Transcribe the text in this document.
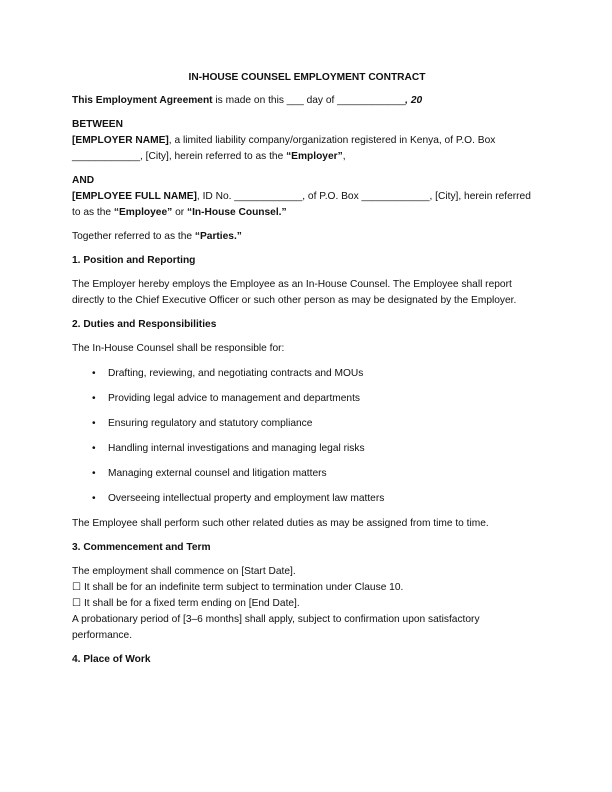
IN-HOUSE COUNSEL EMPLOYMENT CONTRACT

This Employment Agreement is made on this ___ day of ____________, 20

BETWEEN

[EMPLOYER NAME], a limited liability company/organization registered in Kenya, of P.O. Box ____________, [City], herein referred to as the “Employer”,

AND

[EMPLOYEE FULL NAME], ID No. ____________, of P.O. Box ____________, [City], herein referred to as the “Employee” or “In-House Counsel.”

Together referred to as the “Parties.”

1. Position and Reporting

The Employer hereby employs the Employee as an In-House Counsel. The Employee shall report directly to the Chief Executive Officer or such other person as may be designated by the Employer.

2. Duties and Responsibilities

The In-House Counsel shall be responsible for:

• Drafting, reviewing, and negotiating contracts and MOUs
• Providing legal advice to management and departments
• Ensuring regulatory and statutory compliance
• Handling internal investigations and managing legal risks
• Managing external counsel and litigation matters
• Overseeing intellectual property and employment law matters

The Employee shall perform such other related duties as may be assigned from time to time.

3. Commencement and Term
The employment shall commence on [Start Date].
☐ It shall be for an indefinite term subject to termination under Clause 10.
☐ It shall be for a fixed term ending on [End Date].

A probationary period of [3–6 months] shall apply, subject to confirmation upon satisfactory performance.

4. Place of Work
